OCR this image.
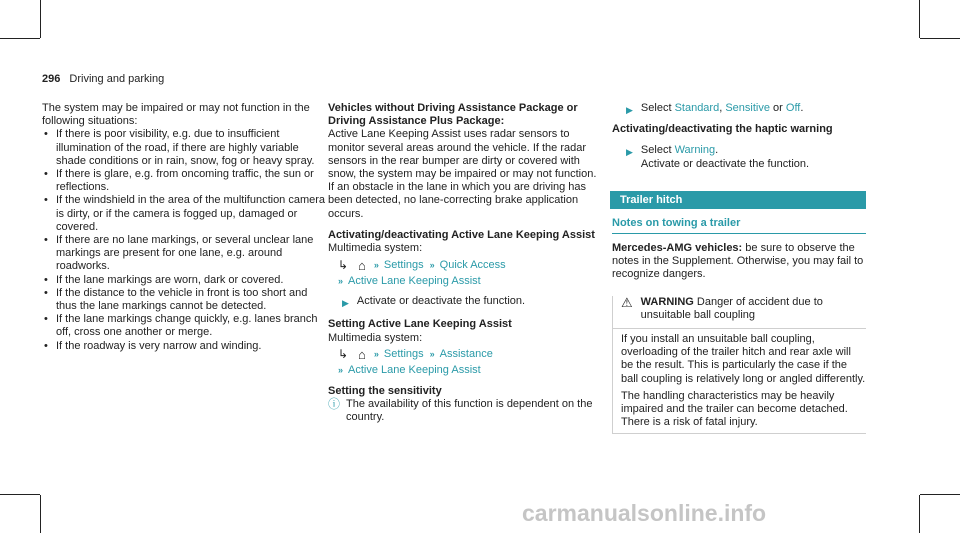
296 Driving and parking

The system may be impaired or may not function in the following situations:

• If there is poor visibility, e.g. due to insufficient illumination of the road, if there are highly variable shade conditions or in rain, snow, fog or heavy spray.
• If there is glare, e.g. from oncoming traffic, the sun or reflections.
• If the windshield in the area of the multifunction camera is dirty, or if the camera is fogged up, damaged or covered.
• If there are no lane markings, or several unclear lane markings are present for one lane, e.g. around roadworks.
• If the lane markings are worn, dark or covered.
• If the distance to the vehicle in front is too short and thus the lane markings cannot be detected.
• If the lane markings change quickly, e.g. lanes branch off, cross one another or merge.
• If the roadway is very narrow and winding.

Vehicles without Driving Assistance Package or Driving Assistance Plus Package:

Active Lane Keeping Assist uses radar sensors to monitor several areas around the vehicle. If the radar sensors in the rear bumper are dirty or covered with snow, the system may be impaired or may not function. If an obstacle in the lane in which you are driving has been detected, no lane-correcting brake application occurs.

Activating/deactivating Active Lane Keeping Assist

Multimedia system:

↳ ⌂ » Settings » Quick Access
» Active Lane Keeping Assist
▶ Activate or deactivate the function.

Setting Active Lane Keeping Assist

Multimedia system:

↳ ⌂ » Settings » Assistance
» Active Lane Keeping Assist

Setting the sensitivity

ⓘ The availability of this function is dependent on the country.
▶ Select Standard, Sensitive or Off.

Activating/deactivating the haptic warning

▶ Select Warning.
Activate or deactivate the function.
Trailer hitch
Notes on towing a trailer

Mercedes-AMG vehicles: be sure to observe the notes in the Supplement. Otherwise, you may fail to recognize dangers.

⚠ WARNING Danger of accident due to unsuitable ball coupling

If you install an unsuitable ball coupling, overloading of the trailer hitch and rear axle will be the result. This is particularly the case if the ball coupling is relatively long or angled differently.

The handling characteristics may be heavily impaired and the trailer can become detached. There is a risk of fatal injury.

carmanualsonline.info
